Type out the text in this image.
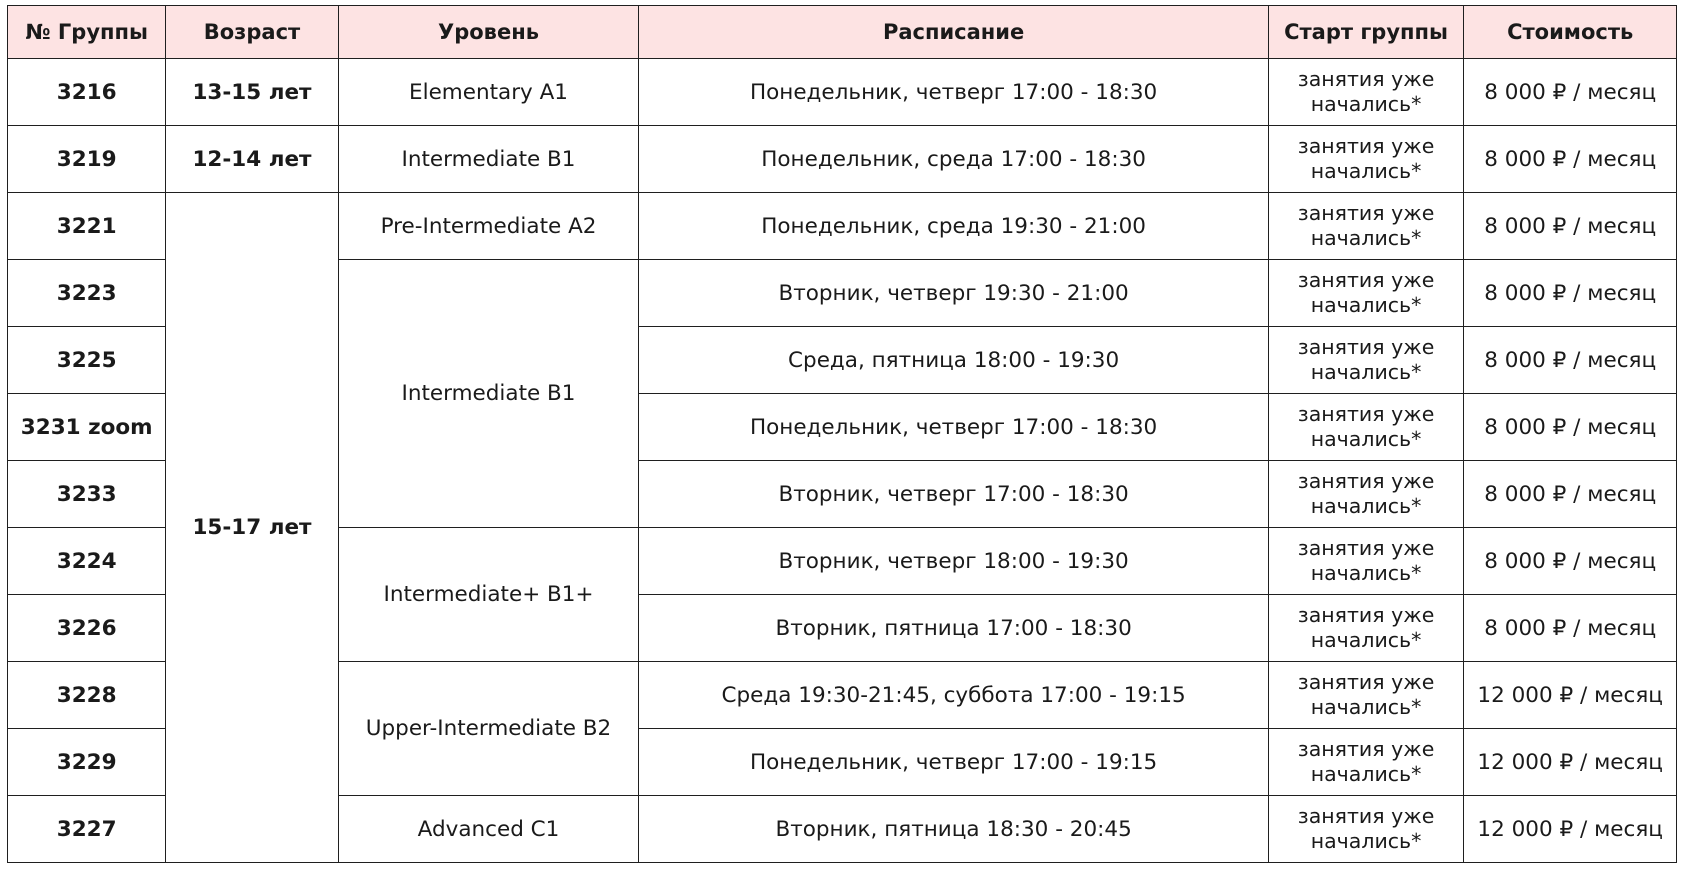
№ Группы	Возраст	Уровень	Расписание	Старт группы	Стоимость
3216	13-15 лет	Elementary A1	Понедельник, четверг 17:00 - 18:30	занятия уже
начались*	8 000 ₽ / месяц
3219	12-14 лет	Intermediate B1	Понедельник, среда 17:00 - 18:30	занятия уже
начались*	8 000 ₽ / месяц
3221	15-17 лет	Pre-Intermediate A2	Понедельник, среда 19:30 - 21:00	занятия уже
начались*	8 000 ₽ / месяц
3223		Intermediate B1	Вторник, четверг 19:30 - 21:00	занятия уже
начались*	8 000 ₽ / месяц
3225			Среда, пятница 18:00 - 19:30	занятия уже
начались*	8 000 ₽ / месяц
3231 zoom			Понедельник, четверг 17:00 - 18:30	занятия уже
начались*	8 000 ₽ / месяц
3233			Вторник, четверг 17:00 - 18:30	занятия уже
начались*	8 000 ₽ / месяц
3224		Intermediate+ B1+	Вторник, четверг 18:00 - 19:30	занятия уже
начались*	8 000 ₽ / месяц
3226			Вторник, пятница 17:00 - 18:30	занятия уже
начались*	8 000 ₽ / месяц
3228		Upper-Intermediate B2	Среда 19:30-21:45, суббота 17:00 - 19:15	занятия уже
начались*	12 000 ₽ / месяц
3229			Понедельник, четверг 17:00 - 19:15	занятия уже
начались*	12 000 ₽ / месяц
3227		Advanced C1	Вторник, пятница 18:30 - 20:45	занятия уже
начались*	12 000 ₽ / месяц
